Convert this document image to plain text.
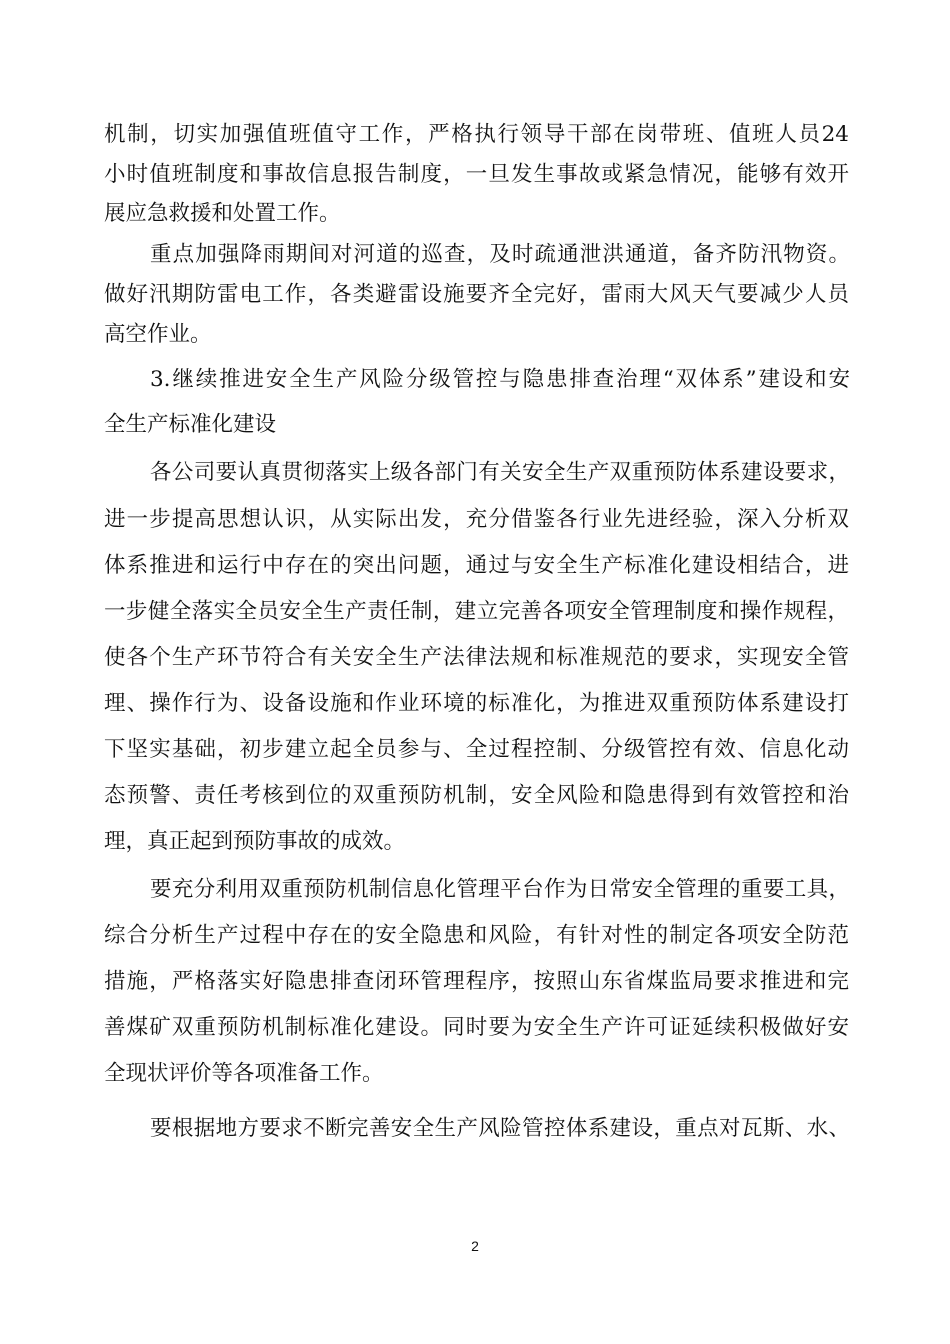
机制，切实加强值班值守工作，严格执行领导干部在岗带班、值班人员24
小时值班制度和事故信息报告制度，一旦发生事故或紧急情况，能够有效开
展应急救援和处置工作。
重点加强降雨期间对河道的巡查，及时疏通泄洪通道，备齐防汛物资。
做好汛期防雷电工作，各类避雷设施要齐全完好，雷雨大风天气要减少人员
高空作业。
3.继续推进安全生产风险分级管控与隐患排查治理“双体系”建设和安
全生产标准化建设
各公司要认真贯彻落实上级各部门有关安全生产双重预防体系建设要求，
进一步提高思想认识，从实际出发，充分借鉴各行业先进经验，深入分析双
体系推进和运行中存在的突出问题，通过与安全生产标准化建设相结合，进
一步健全落实全员安全生产责任制，建立完善各项安全管理制度和操作规程，
使各个生产环节符合有关安全生产法律法规和标准规范的要求，实现安全管
理、操作行为、设备设施和作业环境的标准化，为推进双重预防体系建设打
下坚实基础，初步建立起全员参与、全过程控制、分级管控有效、信息化动
态预警、责任考核到位的双重预防机制，安全风险和隐患得到有效管控和治
理，真正起到预防事故的成效。
要充分利用双重预防机制信息化管理平台作为日常安全管理的重要工具，
综合分析生产过程中存在的安全隐患和风险，有针对性的制定各项安全防范
措施，严格落实好隐患排查闭环管理程序，按照山东省煤监局要求推进和完
善煤矿双重预防机制标准化建设。同时要为安全生产许可证延续积极做好安
全现状评价等各项准备工作。
要根据地方要求不断完善安全生产风险管控体系建设，重点对瓦斯、水、
2
